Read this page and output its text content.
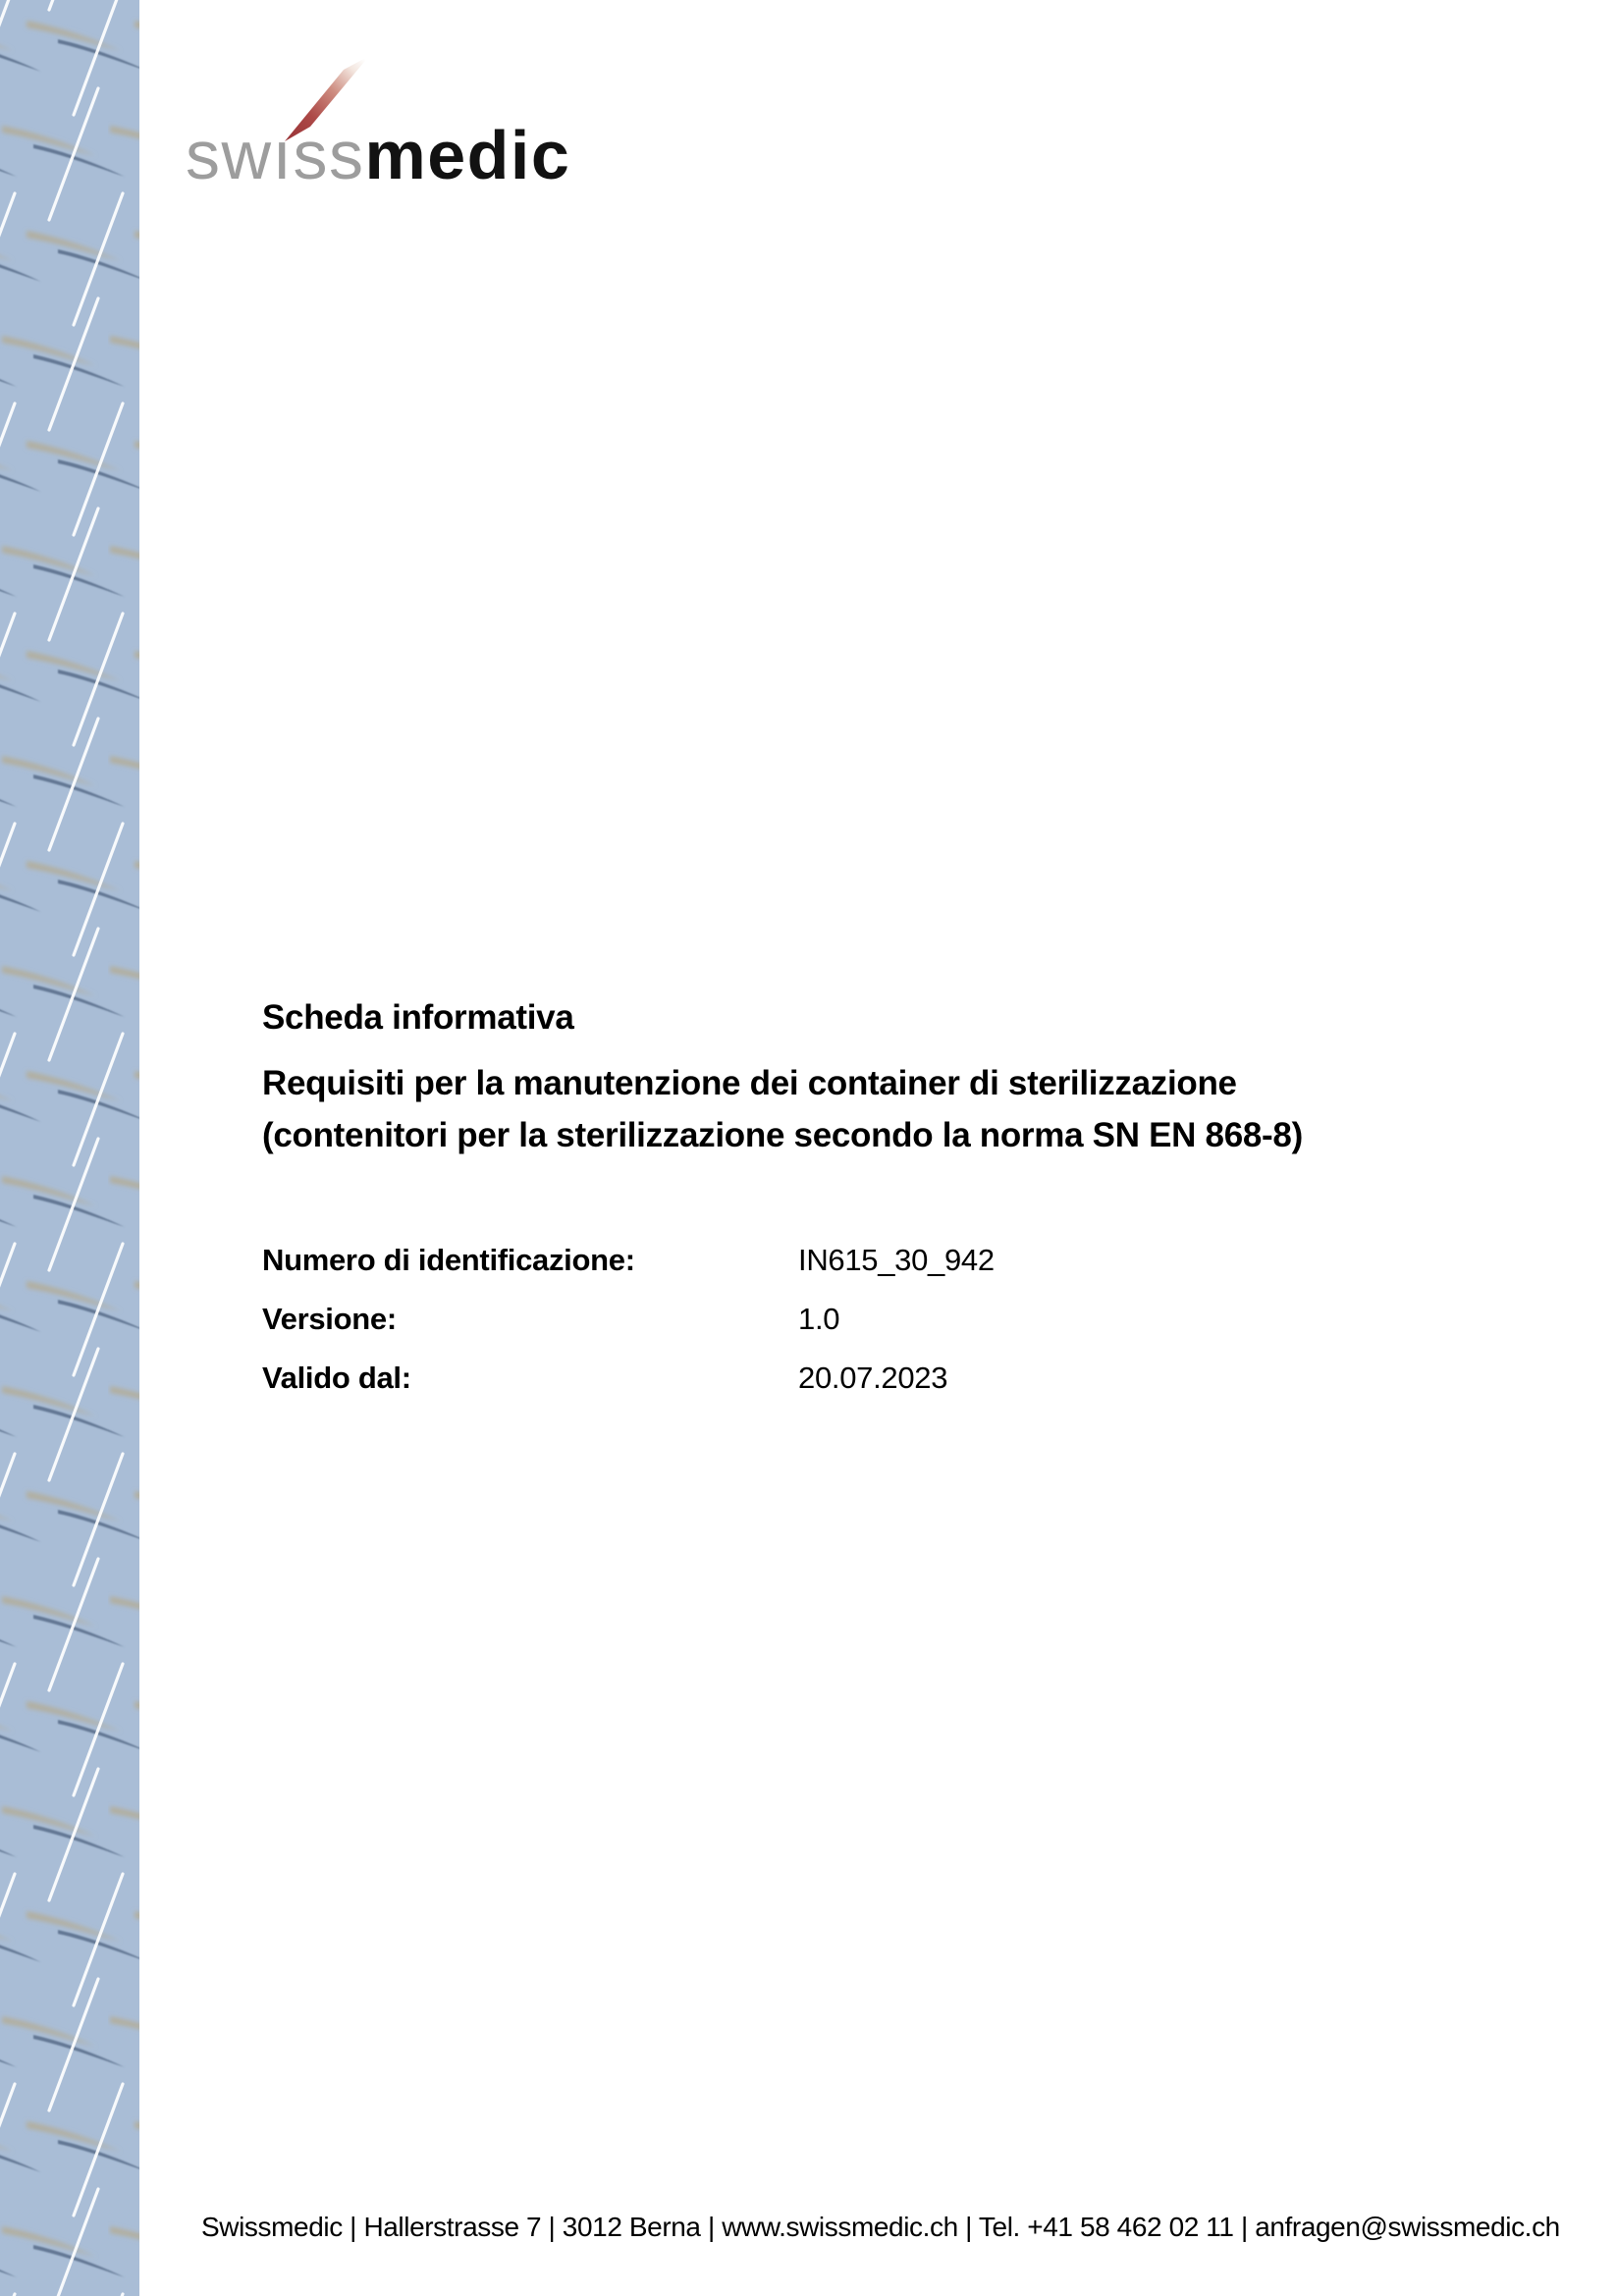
swıssmedic
Scheda informativa
Requisiti per la manutenzione dei container di sterilizzazione
(contenitori per la sterilizzazione secondo la norma SN EN 868-8)
Numero di identificazione:	IN615_30_942
Versione:	1.0
Valido dal:	20.07.2023
Swissmedic | Hallerstrasse 7 | 3012 Berna | www.swissmedic.ch | Tel. +41 58 462 02 11 | anfragen@swissmedic.ch
